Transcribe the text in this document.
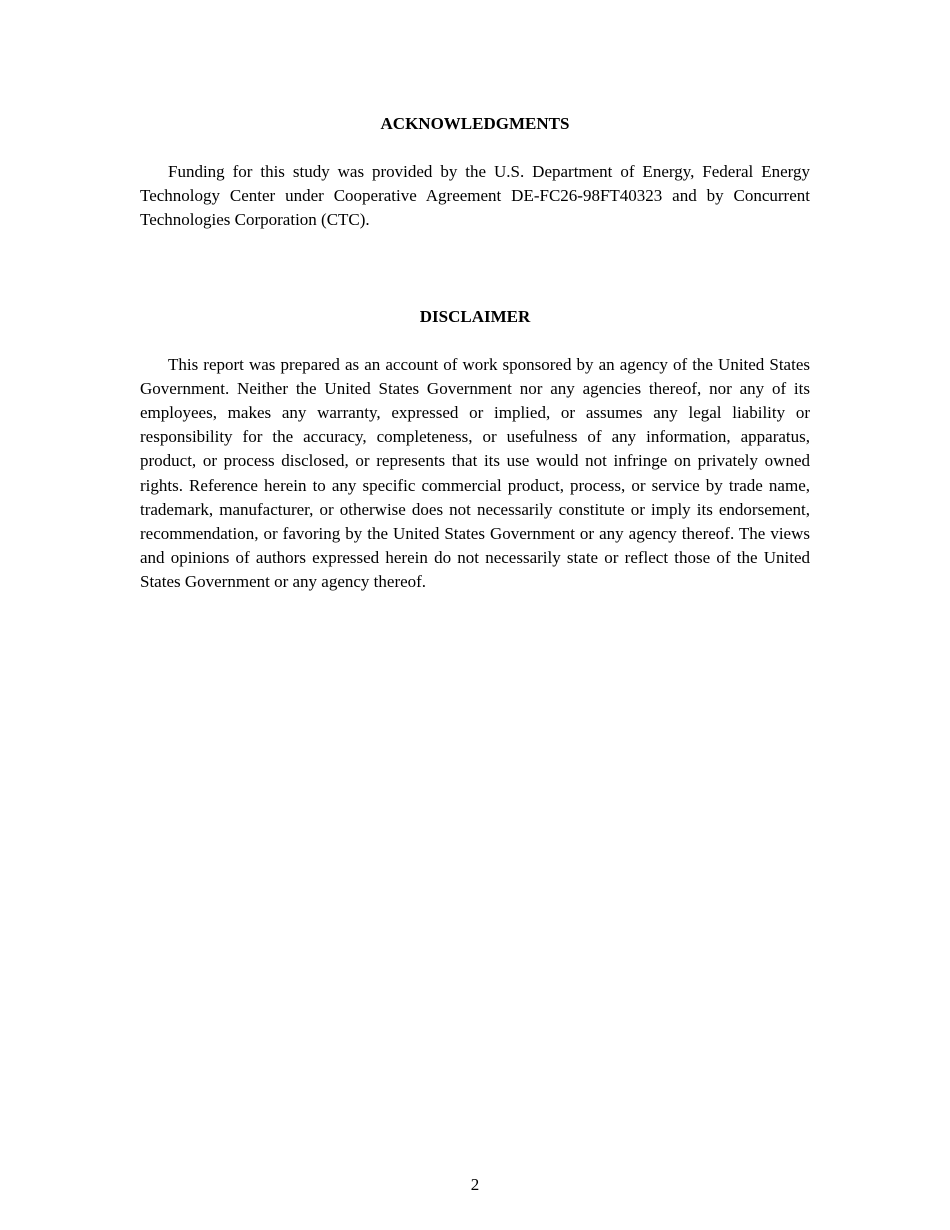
ACKNOWLEDGMENTS

Funding for this study was provided by the U.S. Department of Energy, Federal Energy Technology Center under Cooperative Agreement DE-FC26-98FT40323 and by Concurrent Technologies Corporation (CTC).

DISCLAIMER

This report was prepared as an account of work sponsored by an agency of the United States Government. Neither the United States Government nor any agencies thereof, nor any of its employees, makes any warranty, expressed or implied, or assumes any legal liability or responsibility for the accuracy, completeness, or usefulness of any information, apparatus, product, or process disclosed, or represents that its use would not infringe on privately owned rights. Reference herein to any specific commercial product, process, or service by trade name, trademark, manufacturer, or otherwise does not necessarily constitute or imply its endorsement, recommendation, or favoring by the United States Government or any agency thereof. The views and opinions of authors expressed herein do not necessarily state or reflect those of the United States Government or any agency thereof.

2
